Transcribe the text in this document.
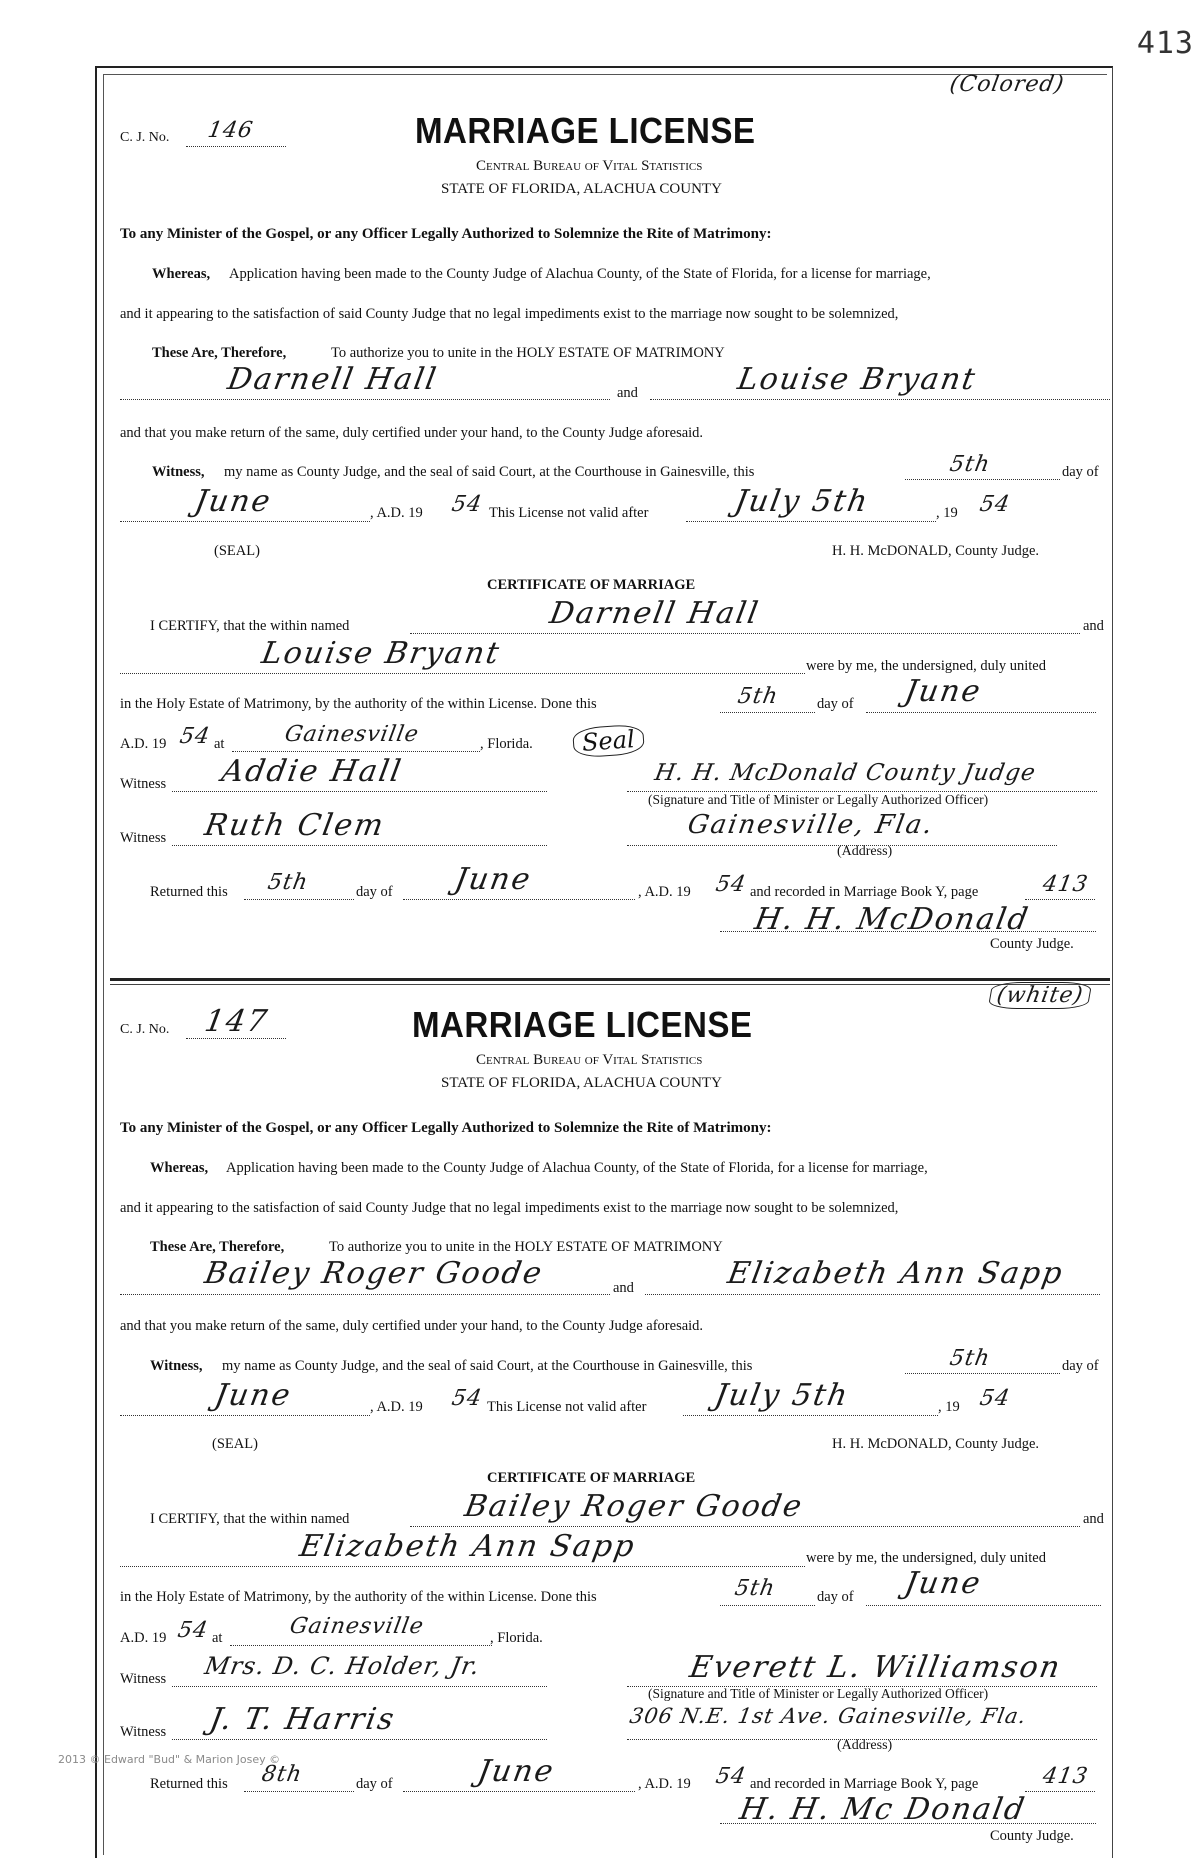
413
(Colored)
C. J. No. 146	MARRIAGE LICENSE
Central Bureau of Vital Statistics
STATE OF FLORIDA, ALACHUA COUNTY
To any Minister of the Gospel, or any Officer Legally Authorized to Solemnize the Rite of Matrimony:
Whereas, Application having been made to the County Judge of Alachua County, of the State of Florida, for a license for marriage,
and it appearing to the satisfaction of said County Judge that no legal impediments exist to the marriage now sought to be solemnized,
These Are, Therefore,	To authorize you to unite in the HOLY ESTATE OF MATRIMONY
Darnell Hall	and	Louise Bryant
and that you make return of the same, duly certified under your hand, to the County Judge aforesaid.
Witness, my name as County Judge, and the seal of said Court, at the Courthouse in Gainesville, this	5th	day of
June	, A.D. 19 54 This License not valid after	July 5th	, 19 54
(SEAL)	H. H. McDONALD, County Judge.
CERTIFICATE OF MARRIAGE
I CERTIFY, that the within named	Darnell Hall	and
Louise Bryant	were by me, the undersigned, duly united
in the Holy Estate of Matrimony, by the authority of the within License. Done this	5th	day of June
A.D. 19 54 at	Gainesville	, Florida.	Seal
Witness Addie Hall	H. H. McDonald County Judge
(Signature and Title of Minister or Legally Authorized Officer)
Witness Ruth Clem	Gainesville, Fla.
(Address)
Returned this 5th	day of June	, A.D. 19 54 and recorded in Marriage Book Y, page	413
H. H. McDonald
County Judge.
(white)
C. J. No. 147	MARRIAGE LICENSE
Central Bureau of Vital Statistics
STATE OF FLORIDA, ALACHUA COUNTY
To any Minister of the Gospel, or any Officer Legally Authorized to Solemnize the Rite of Matrimony:
Whereas, Application having been made to the County Judge of Alachua County, of the State of Florida, for a license for marriage,
and it appearing to the satisfaction of said County Judge that no legal impediments exist to the marriage now sought to be solemnized,
These Are, Therefore,	To authorize you to unite in the HOLY ESTATE OF MATRIMONY
Bailey Roger Goode	and	Elizabeth Ann Sapp
and that you make return of the same, duly certified under your hand, to the County Judge aforesaid.
Witness, my name as County Judge, and the seal of said Court, at the Courthouse in Gainesville, this	5th	day of
June	, A.D. 19 54 This License not valid after July 5th	, 19 54
(SEAL)	H. H. McDONALD, County Judge.
CERTIFICATE OF MARRIAGE
I CERTIFY, that the within named	Bailey Roger Goode	and
Elizabeth Ann Sapp	were by me, the undersigned, duly united
in the Holy Estate of Matrimony, by the authority of the within License. Done this	5th	day of June
A.D. 19 54 at	Gainesville	, Florida.
Witness Mrs. D. C. Holder, Jr.	Everett L. Williamson
(Signature and Title of Minister or Legally Authorized Officer)
Witness J. T. Harris	306 N.E. 1st Ave. Gainesville, Fla.
(Address)
Returned this 8th	day of	June	, A.D. 19 54 and recorded in Marriage Book Y, page	413
H. H. Mc Donald
County Judge.
2013 © Edward "Bud" & Marion Josey ©
